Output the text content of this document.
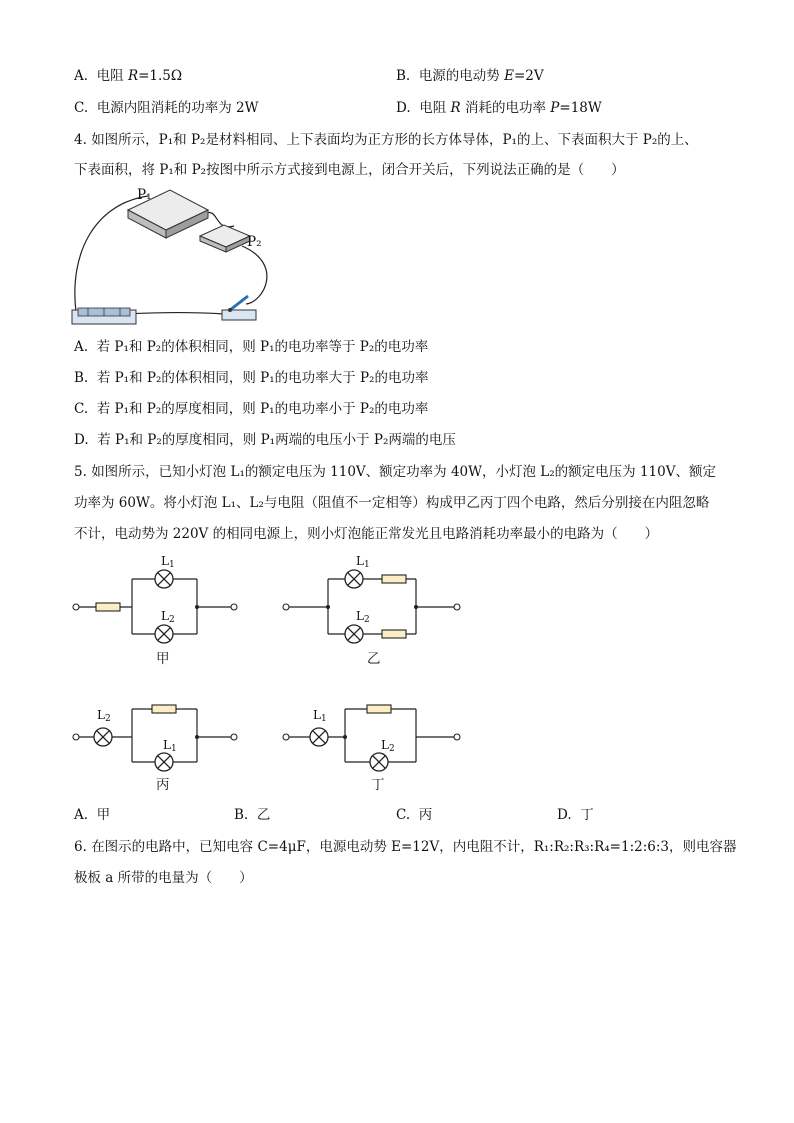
A. 电阻 R=1.5Ω	B. 电源的电动势 E=2V
C. 电源内阻消耗的功率为 2W	D. 电阻 R 消耗的电功率 P=18W
4. 如图所示，P₁和 P₂是材料相同、上下表面均为正方形的长方体导体，P₁的上、下表面积大于 P₂的上、
下表面积，将 P₁和 P₂按图中所示方式接到电源上，闭合开关后，下列说法正确的是（　　）
P₁
P₂
A. 若 P₁和 P₂的体积相同，则 P₁的电功率等于 P₂的电功率
B. 若 P₁和 P₂的体积相同，则 P₁的电功率大于 P₂的电功率
C. 若 P₁和 P₂的厚度相同，则 P₁的电功率小于 P₂的电功率
D. 若 P₁和 P₂的厚度相同，则 P₁两端的电压小于 P₂两端的电压
5. 如图所示，已知小灯泡 L₁的额定电压为 110V、额定功率为 40W，小灯泡 L₂的额定电压为 110V、额定
功率为 60W。将小灯泡 L₁、L₂与电阻（阻值不一定相等）构成甲乙丙丁四个电路，然后分别接在内阻忽略
不计，电动势为 220V 的相同电源上，则小灯泡能正常发光且电路消耗功率最小的电路为（　　）
$L_1$
$L_2$
甲
$L_1$
$L_2$
乙
$L_2$
$L_1$
丙
$L_1$
$L_2$
丁
A. 甲	B. 乙	C. 丙	D. 丁
6. 在图示的电路中，已知电容 C=4μF，电源电动势 E=12V，内电阻不计，R₁:R₂:R₃:R₄=1:2:6:3，则电容器
极板 a 所带的电量为（　　）
